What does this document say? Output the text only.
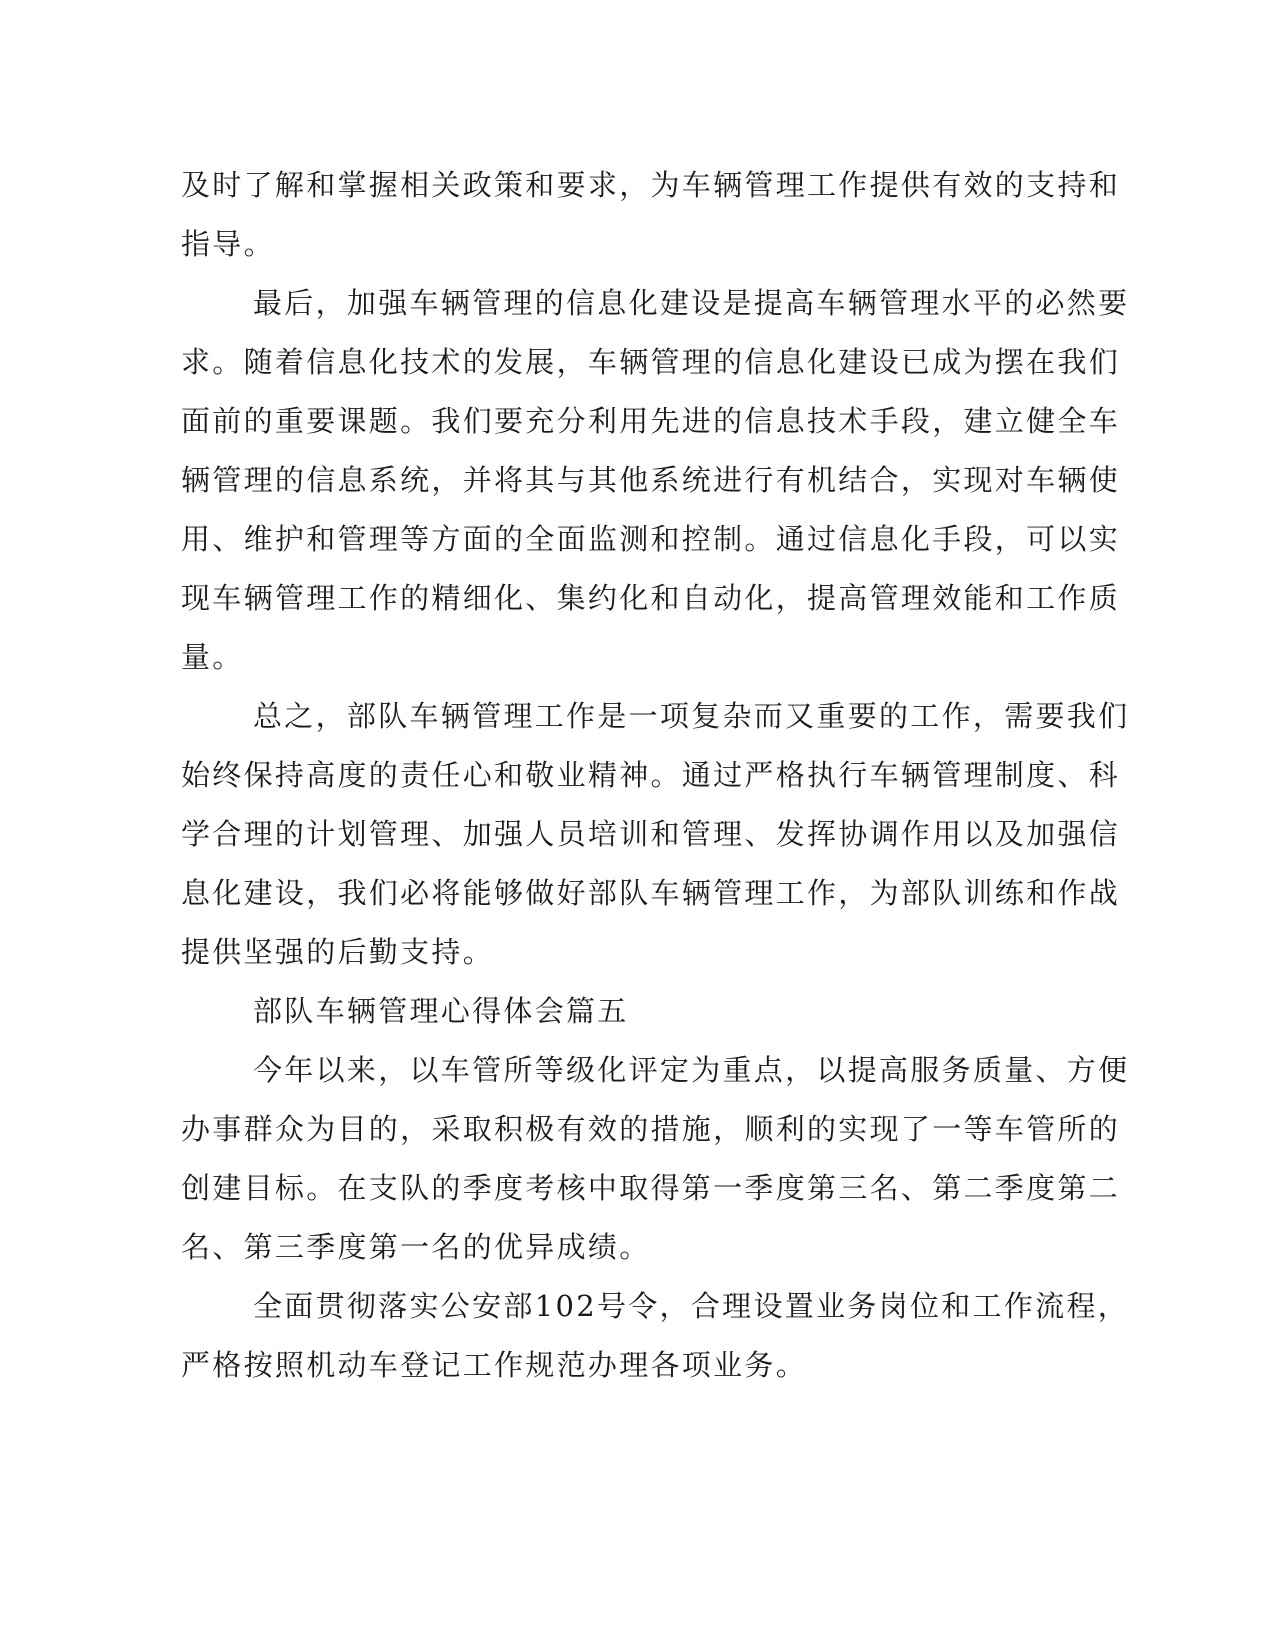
及时了解和掌握相关政策和要求，为车辆管理工作提供有效的支持和
指导。
最后，加强车辆管理的信息化建设是提高车辆管理水平的必然要
求。随着信息化技术的发展，车辆管理的信息化建设已成为摆在我们
面前的重要课题。我们要充分利用先进的信息技术手段，建立健全车
辆管理的信息系统，并将其与其他系统进行有机结合，实现对车辆使
用、维护和管理等方面的全面监测和控制。通过信息化手段，可以实
现车辆管理工作的精细化、集约化和自动化，提高管理效能和工作质
量。
总之，部队车辆管理工作是一项复杂而又重要的工作，需要我们
始终保持高度的责任心和敬业精神。通过严格执行车辆管理制度、科
学合理的计划管理、加强人员培训和管理、发挥协调作用以及加强信
息化建设，我们必将能够做好部队车辆管理工作，为部队训练和作战
提供坚强的后勤支持。
部队车辆管理心得体会篇五
今年以来，以车管所等级化评定为重点，以提高服务质量、方便
办事群众为目的，采取积极有效的措施，顺利的实现了一等车管所的
创建目标。在支队的季度考核中取得第一季度第三名、第二季度第二
名、第三季度第一名的优异成绩。
全面贯彻落实公安部102号令，合理设置业务岗位和工作流程，
严格按照机动车登记工作规范办理各项业务。
